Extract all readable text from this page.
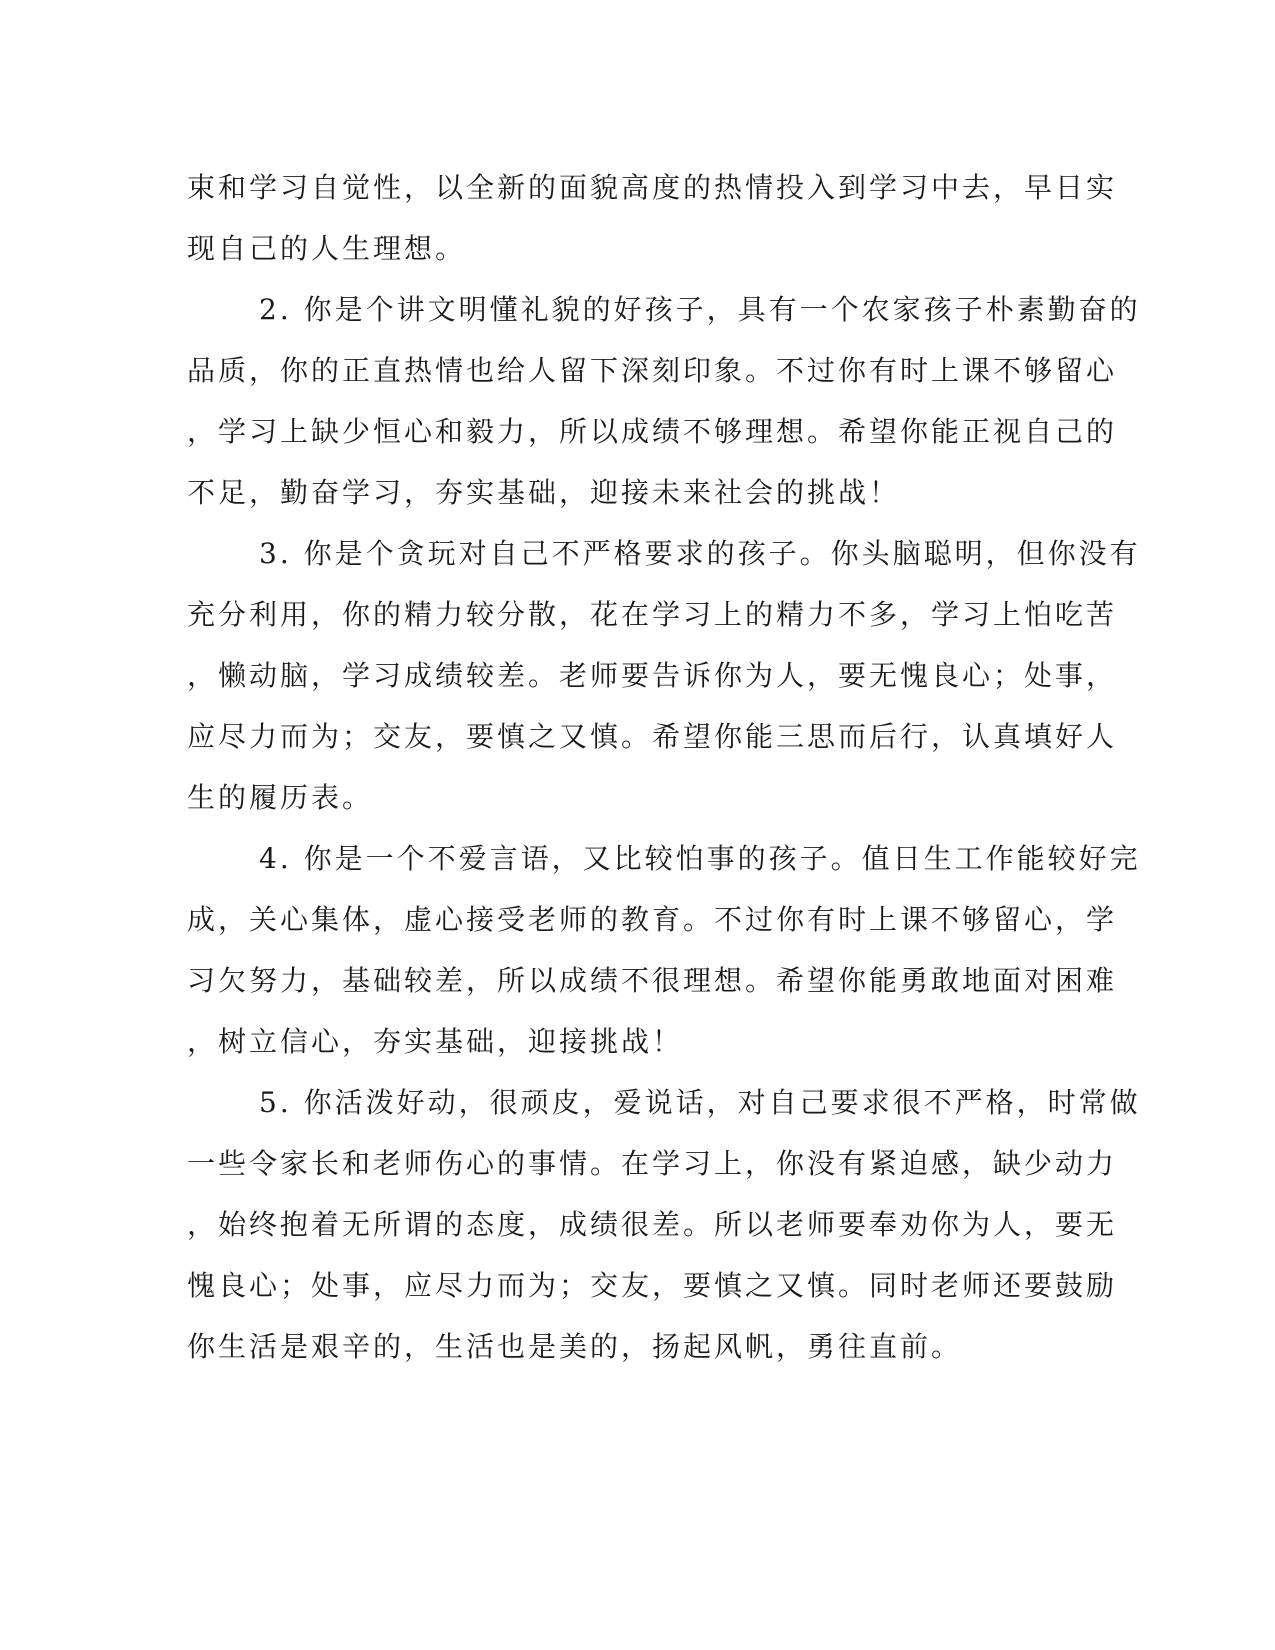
束和学习自觉性，以全新的面貌高度的热情投入到学习中去，早日实
现自己的人生理想。
2. 你是个讲文明懂礼貌的好孩子，具有一个农家孩子朴素勤奋的
品质，你的正直热情也给人留下深刻印象。不过你有时上课不够留心
，学习上缺少恒心和毅力，所以成绩不够理想。希望你能正视自己的
不足，勤奋学习，夯实基础，迎接未来社会的挑战！
3. 你是个贪玩对自己不严格要求的孩子。你头脑聪明，但你没有
充分利用，你的精力较分散，花在学习上的精力不多，学习上怕吃苦
，懒动脑，学习成绩较差。老师要告诉你为人，要无愧良心；处事，
应尽力而为；交友，要慎之又慎。希望你能三思而后行，认真填好人
生的履历表。
4. 你是一个不爱言语，又比较怕事的孩子。值日生工作能较好完
成，关心集体，虚心接受老师的教育。不过你有时上课不够留心，学
习欠努力，基础较差，所以成绩不很理想。希望你能勇敢地面对困难
，树立信心，夯实基础，迎接挑战！
5. 你活泼好动，很顽皮，爱说话，对自己要求很不严格，时常做
一些令家长和老师伤心的事情。在学习上，你没有紧迫感，缺少动力
，始终抱着无所谓的态度，成绩很差。所以老师要奉劝你为人，要无
愧良心；处事，应尽力而为；交友，要慎之又慎。同时老师还要鼓励
你生活是艰辛的，生活也是美的，扬起风帆，勇往直前。
